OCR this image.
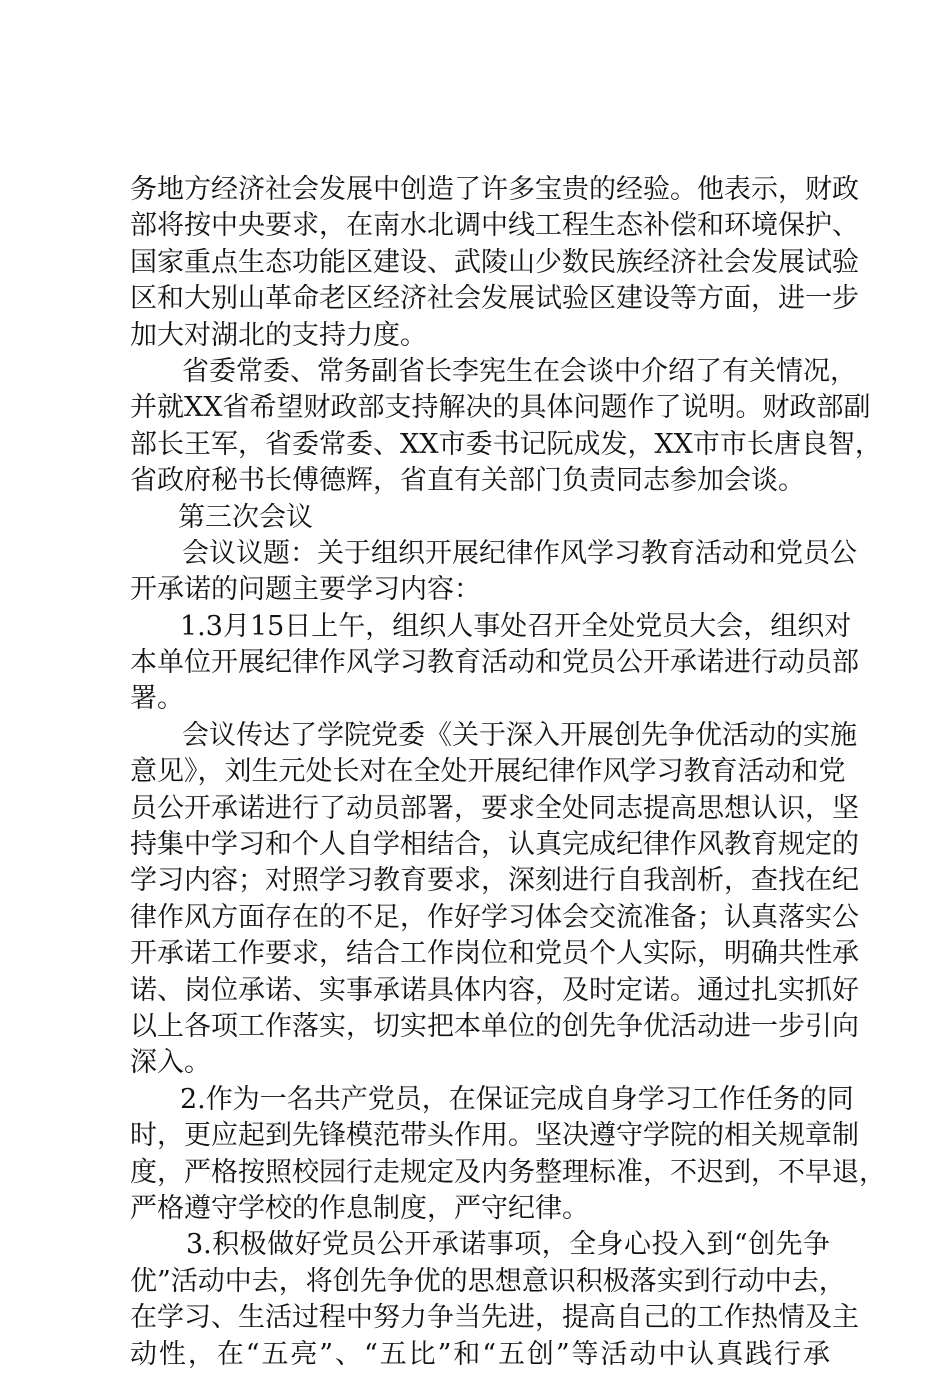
务地方经济社会发展中创造了许多宝贵的经验。他表示，财政
部将按中央要求，在南水北调中线工程生态补偿和环境保护、
国家重点生态功能区建设、武陵山少数民族经济社会发展试验
区和大别山革命老区经济社会发展试验区建设等方面，进一步
加大对湖北的支持力度。
省委常委、常务副省长李宪生在会谈中介绍了有关情况，
并就XX省希望财政部支持解决的具体问题作了说明。财政部副
部长王军，省委常委、XX市委书记阮成发，XX市市长唐良智，
省政府秘书长傅德辉，省直有关部门负责同志参加会谈。
第三次会议
会议议题：关于组织开展纪律作风学习教育活动和党员公
开承诺的问题主要学习内容：
1.3月15日上午，组织人事处召开全处党员大会，组织对
本单位开展纪律作风学习教育活动和党员公开承诺进行动员部
署。
会议传达了学院党委《关于深入开展创先争优活动的实施
意见》，刘生元处长对在全处开展纪律作风学习教育活动和党
员公开承诺进行了动员部署，要求全处同志提高思想认识，坚
持集中学习和个人自学相结合，认真完成纪律作风教育规定的
学习内容；对照学习教育要求，深刻进行自我剖析，查找在纪
律作风方面存在的不足，作好学习体会交流准备；认真落实公
开承诺工作要求，结合工作岗位和党员个人实际，明确共性承
诺、岗位承诺、实事承诺具体内容，及时定诺。通过扎实抓好
以上各项工作落实，切实把本单位的创先争优活动进一步引向
深入。
2.作为一名共产党员，在保证完成自身学习工作任务的同
时，更应起到先锋模范带头作用。坚决遵守学院的相关规章制
度，严格按照校园行走规定及内务整理标准，不迟到，不早退，
严格遵守学校的作息制度，严守纪律。
3.积极做好党员公开承诺事项，全身心投入到“创先争
优”活动中去，将创先争优的思想意识积极落实到行动中去，
在学习、生活过程中努力争当先进，提高自己的工作热情及主
动性，在“五亮”、“五比”和“五创”等活动中认真践行承
